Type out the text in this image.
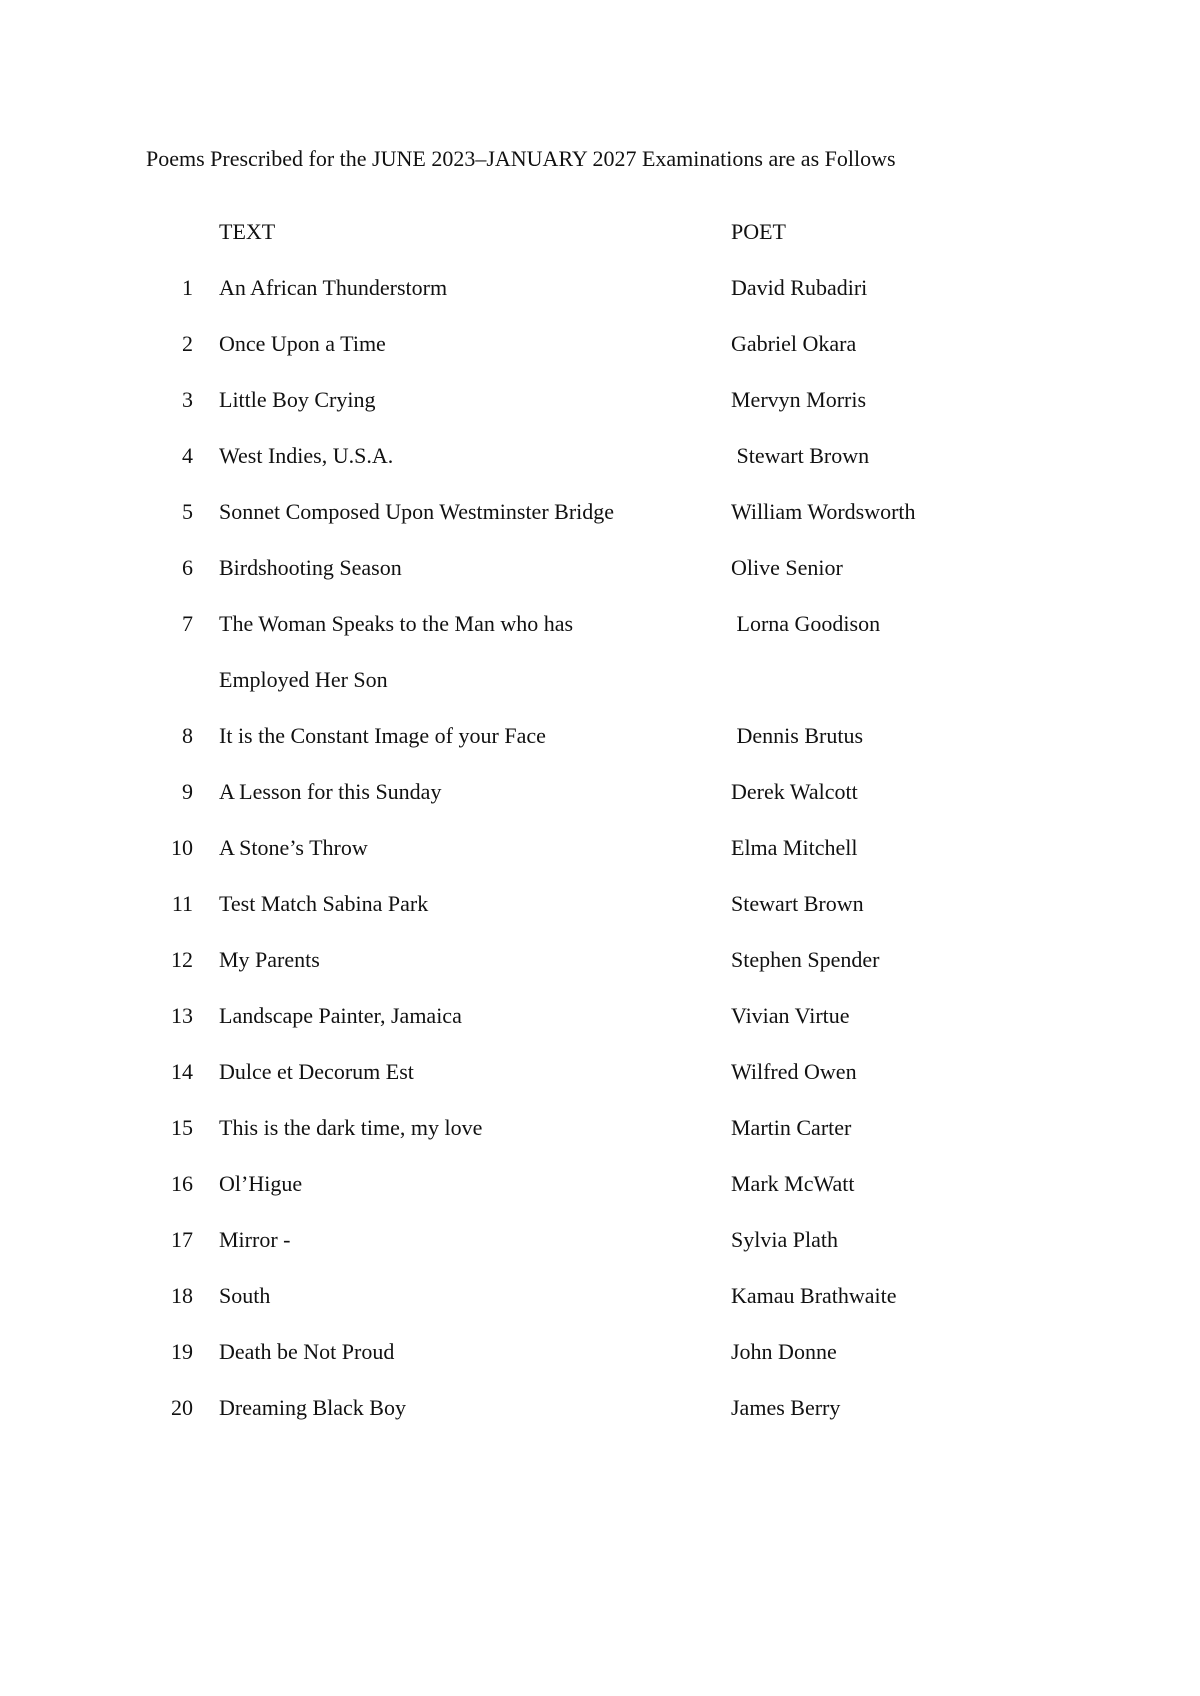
Poems Prescribed for the JUNE 2023–JANUARY 2027 Examinations are as Follows
TEXT	POET
1 An African Thunderstorm	David Rubadiri
2 Once Upon a Time	Gabriel Okara
3 Little Boy Crying	Mervyn Morris
4 West Indies, U.S.A.	Stewart Brown
5 Sonnet Composed Upon Westminster Bridge	William Wordsworth
6 Birdshooting Season	Olive Senior
7 The Woman Speaks to the Man who has	Lorna Goodison
Employed Her Son
8 It is the Constant Image of your Face	Dennis Brutus
9 A Lesson for this Sunday	Derek Walcott
10 A Stone’s Throw	Elma Mitchell
11 Test Match Sabina Park	Stewart Brown
12 My Parents	Stephen Spender
13 Landscape Painter, Jamaica	Vivian Virtue
14 Dulce et Decorum Est	Wilfred Owen
15 This is the dark time, my love	Martin Carter
16 Ol’Higue	Mark McWatt
17 Mirror -	Sylvia Plath
18 South	Kamau Brathwaite
19 Death be Not Proud	John Donne
20 Dreaming Black Boy	James Berry
